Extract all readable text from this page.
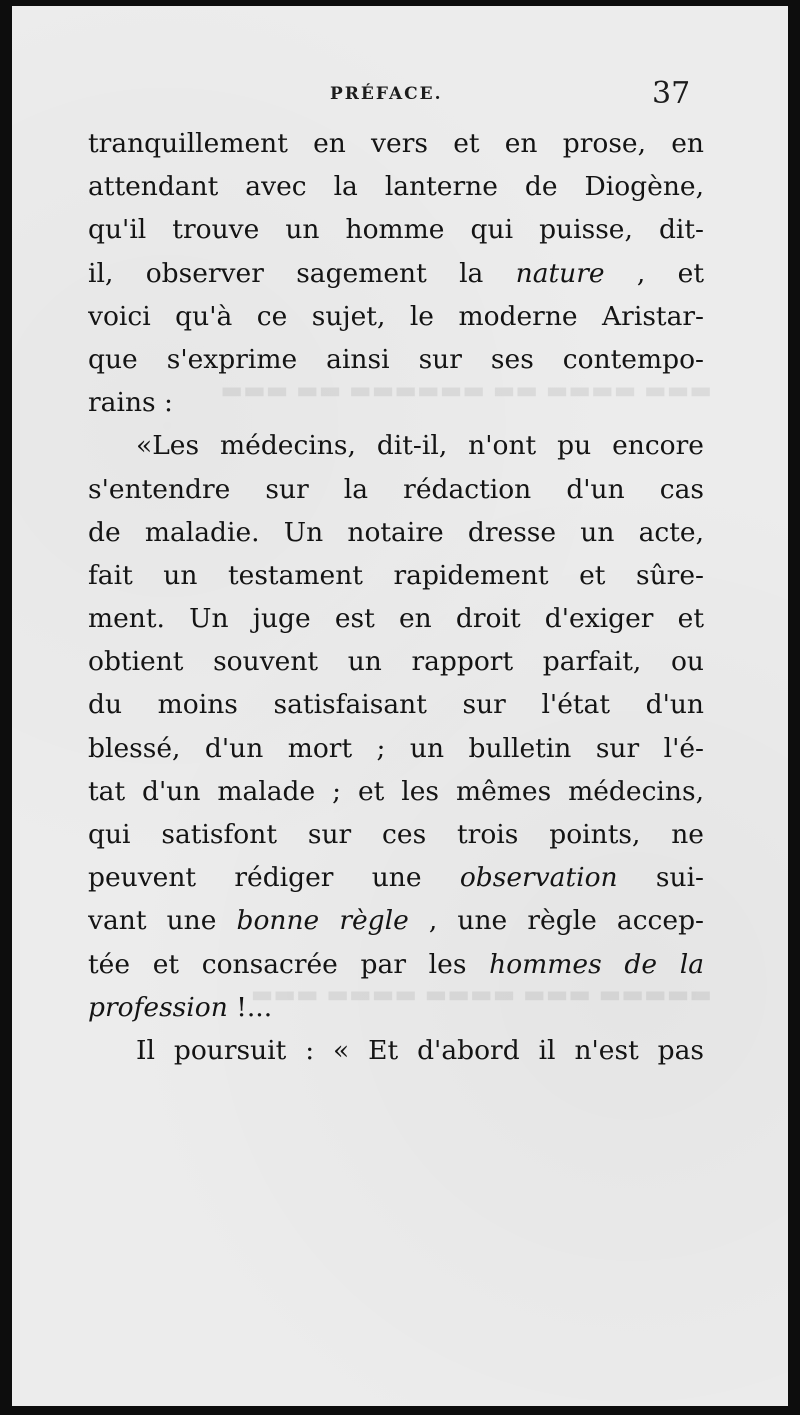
▬▬▬ ▬▬▬▬ ▬▬ ▬▬▬▬▬▬ ▬▬ ▬▬▬
▬▬▬▬▬ ▬▬▬ ▬▬▬▬ ▬▬▬▬ ▬▬▬
PRÉFACE.	37
tranquillement en vers et en prose, en
attendant avec la lanterne de Diogène,
qu'il trouve un homme qui puisse, dit-
il, observer sagement la nature , et
voici qu'à ce sujet, le moderne Aristar-
que s'exprime ainsi sur ses contempo-
rains :
«Les médecins, dit-il, n'ont pu encore
s'entendre sur la rédaction d'un cas
de maladie. Un notaire dresse un acte,
fait un testament rapidement et sûre-
ment. Un juge est en droit d'exiger et
obtient souvent un rapport parfait, ou
du moins satisfaisant sur l'état d'un
blessé, d'un mort ; un bulletin sur l'é-
tat d'un malade ; et les mêmes médecins,
qui satisfont sur ces trois points, ne
peuvent rédiger une observation sui-
vant une bonne règle , une règle accep-
tée et consacrée par les hommes de la
profession !...
Il poursuit : « Et d'abord il n'est pas
